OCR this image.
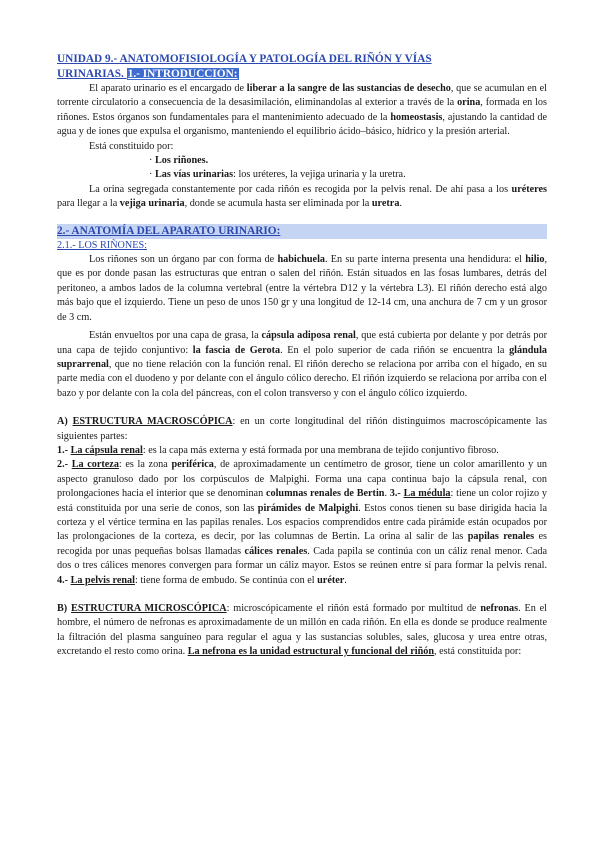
UNIDAD 9.- ANATOMOFISIOLOGÍA Y PATOLOGÍA DEL RIÑÓN Y VÍAS
URINARIAS. 1.- INTRODUCCIÓN:

El aparato urinario es el encargado de liberar a la sangre de las sustancias de desecho, que se acumulan en el torrente circulatorio a consecuencia de la desasimilación, eliminandolas al exterior a través de la orina, formada en los riñones. Estos órganos son fundamentales para el mantenimiento adecuado de la homeostasis, ajustando la cantidad de agua y de iones que expulsa el organismo, manteniendo el equilibrio ácido–básico, hídrico y la presión arterial.

Está constituido por:

· Los riñones.

· Las vías urinarias: los uréteres, la vejiga urinaria y la uretra.

La orina segregada constantemente por cada riñón es recogida por la pelvis renal. De ahí pasa a los uréteres para llegar a la vejiga urinaria, donde se acumula hasta ser eliminada por la uretra.

2.- ANATOMÍA DEL APARATO URINARIO:

2.1.- LOS RIÑONES:

Los riñones son un órgano par con forma de habichuela. En su parte interna presenta una hendidura: el hilio, que es por donde pasan las estructuras que entran o salen del riñón. Están situados en las fosas lumbares, detrás del peritoneo, a ambos lados de la columna vertebral (entre la vértebra D12 y la vértebra L3). El riñón derecho está algo más bajo que el izquierdo. Tiene un peso de unos 150 gr y una longitud de 12-14 cm, una anchura de 7 cm y un grosor de 3 cm.

Están envueltos por una capa de grasa, la cápsula adiposa renal, que está cubierta por delante y por detrás por una capa de tejido conjuntivo: la fascia de Gerota. En el polo superior de cada riñón se encuentra la glándula suprarrenal, que no tiene relación con la función renal. El riñón derecho se relaciona por arriba con el hígado, en su parte media con el duodeno y por delante con el ángulo cólico derecho. El riñón izquierdo se relaciona por arriba con el bazo y por delante con la cola del páncreas, con el colon transverso y con el ángulo cólico izquierdo.

A) ESTRUCTURA MACROSCÓPICA: en un corte longitudinal del riñón distinguimos macroscópicamente las siguientes partes:

1.- La cápsula renal: es la capa más externa y está formada por una membrana de tejido conjuntivo fibroso.

2.- La corteza: es la zona periférica, de aproximadamente un centímetro de grosor, tiene un color amarillento y un aspecto granuloso dado por los corpúsculos de Malpighi. Forma una capa continua bajo la cápsula renal, con prolongaciones hacia el interior que se denominan columnas renales de Bertin. 3.- La médula: tiene un color rojizo y está constituida por una serie de conos, son las pirámides de Malpighi. Estos conos tienen su base dirigida hacia la corteza y el vértice termina en las papilas renales. Los espacios comprendidos entre cada pirámide están ocupados por las prolongaciones de la corteza, es decir, por las columnas de Bertin. La orina al salir de las papilas renales es recogida por unas pequeñas bolsas llamadas cálices renales. Cada papila se continúa con un cáliz renal menor. Cada dos o tres cálices menores convergen para formar un cáliz mayor. Estos se reúnen entre sí para formar la pelvis renal. 4.- La pelvis renal: tiene forma de embudo. Se continúa con el uréter.

B) ESTRUCTURA MICROSCÓPICA: microscópicamente el riñón está formado por multitud de nefronas. En el hombre, el número de nefronas es aproximadamente de un millón en cada riñón. En ella es donde se produce realmente la filtración del plasma sanguíneo para regular el agua y las sustancias solubles, sales, glucosa y urea entre otras, excretando el resto como orina. La nefrona es la unidad estructural y funcional del riñón, está constituida por:
